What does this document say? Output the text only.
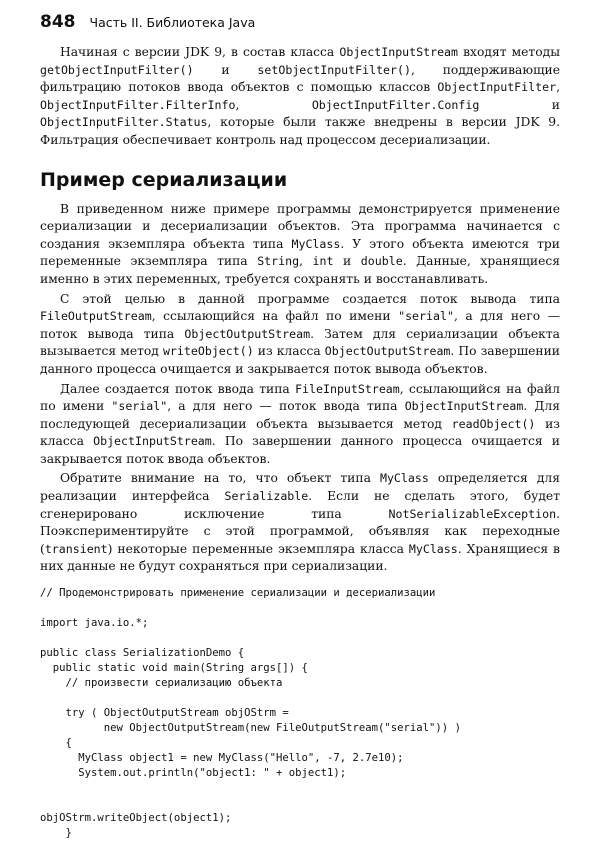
848 Часть II. Библиотека Java

Начиная с версии JDK 9, в состав класса ObjectInputStream входят методы getObjectInputFilter() и setObjectInputFilter(), поддерживающие фильтрацию потоков ввода объектов с помощью классов ObjectInputFilter, ObjectInputFilter.FilterInfo, ObjectInputFilter.Config и ObjectInputFilter.Status, которые были также внедрены в версии JDK 9. Фильтрация обеспечивает контроль над процессом десериализации.

Пример сериализации

В приведенном ниже примере программы демонстрируется применение сериализации и десериализации объектов. Эта программа начинается с создания экземпляра объекта типа MyClass. У этого объекта имеются три переменные экземпляра типа String, int и double. Данные, хранящиеся именно в этих переменных, требуется сохранять и восстанавливать.

С этой целью в данной программе создается поток вывода типа FileOutputStream, ссылающийся на файл по имени "serial", а для него — поток вывода типа ObjectOutputStream. Затем для сериализации объекта вызывается метод writeObject() из класса ObjectOutputStream. По завершении данного процесса очищается и закрывается поток вывода объектов.

Далее создается поток ввода типа FileInputStream, ссылающийся на файл по имени "serial", а для него — поток ввода типа ObjectInputStream. Для последующей десериализации объекта вызывается метод readObject() из класса ObjectInputStream. По завершении данного процесса очищается и закрывается поток ввода объектов.

Обратите внимание на то, что объект типа MyClass определяется для реализации интерфейса Serializable. Если не сделать этого, будет сгенерировано исключение типа NotSerializableException. Поэкспериментируйте с этой программой, объявляя как переходные (transient) некоторые переменные экземпляра класса MyClass. Хранящиеся в них данные не будут сохраняться при сериализации.

// Продемонстрировать применение сериализации и десериализации
import java.io.*;
public class SerializationDemo {
public static void main(String args[]) {
// произвести сериализацию объекта
try ( ObjectOutputStream objOStrm =
new ObjectOutputStream(new FileOutputStream("serial")) )
{
MyClass object1 = new MyClass("Hello", -7, 2.7e10);
System.out.println("object1: " + object1);
objOStrm.writeObject(object1);
}
